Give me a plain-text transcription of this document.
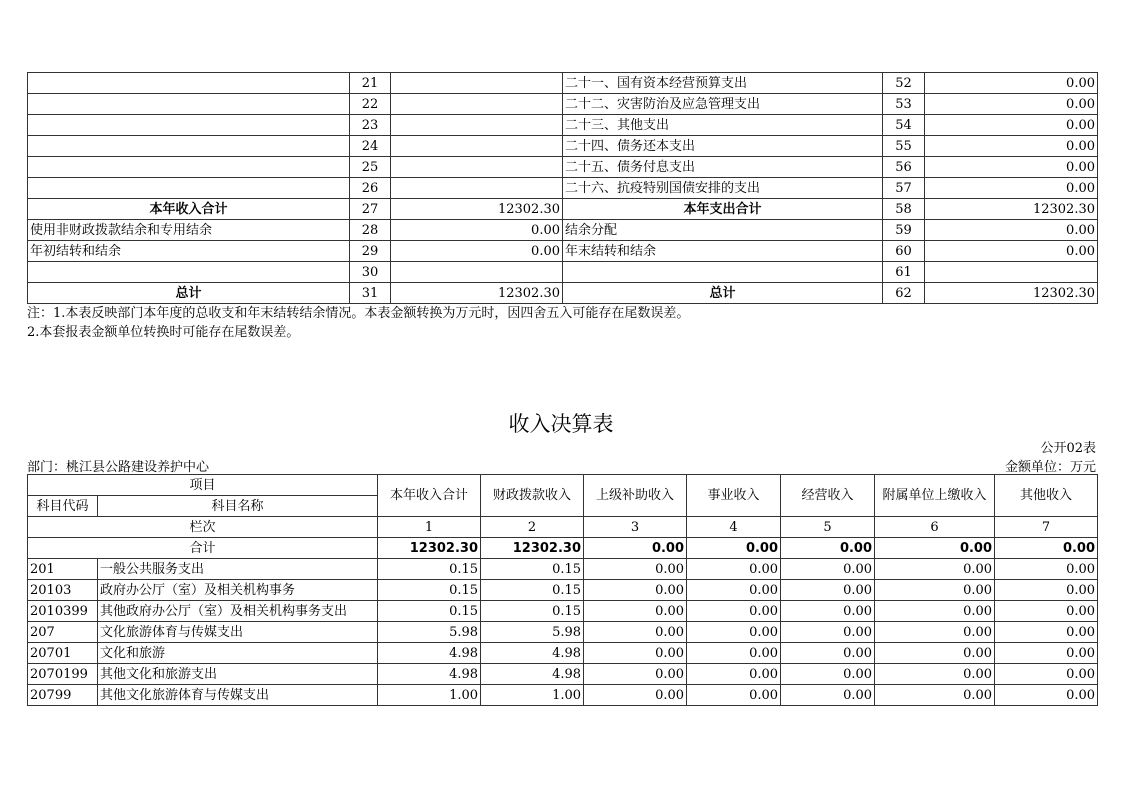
	21		二十一、国有资本经营预算支出	52	0.00
	22		二十二、灾害防治及应急管理支出	53	0.00
	23		二十三、其他支出	54	0.00
	24		二十四、债务还本支出	55	0.00
	25		二十五、债务付息支出	56	0.00
	26		二十六、抗疫特别国债安排的支出	57	0.00
本年收入合计	27	12302.30	本年支出合计	58	12302.30
使用非财政拨款结余和专用结余	28	0.00	结余分配	59	0.00
年初结转和结余	29	0.00	年末结转和结余	60	0.00
	30			61	
总计	31	12302.30	总计	62	12302.30
注：1.本表反映部门本年度的总收支和年末结转结余情况。本表金额转换为万元时，因四舍五入可能存在尾数误差。
2.本套报表金额单位转换时可能存在尾数误差。
收入决算表
公开02表
部门：桃江县公路建设养护中心	金额单位：万元
项目		本年收入合计	财政拨款收入	上级补助收入	事业收入	经营收入	附属单位上缴收入	其他收入
科目代码	科目名称							
栏次		1	2	3	4	5	6	7
合计		12302.30	12302.30	0.00	0.00	0.00	0.00	0.00
201	一般公共服务支出	0.15	0.15	0.00	0.00	0.00	0.00	0.00
20103	政府办公厅（室）及相关机构事务	0.15	0.15	0.00	0.00	0.00	0.00	0.00
2010399	其他政府办公厅（室）及相关机构事务支出	0.15	0.15	0.00	0.00	0.00	0.00	0.00
207	文化旅游体育与传媒支出	5.98	5.98	0.00	0.00	0.00	0.00	0.00
20701	文化和旅游	4.98	4.98	0.00	0.00	0.00	0.00	0.00
2070199	其他文化和旅游支出	4.98	4.98	0.00	0.00	0.00	0.00	0.00
20799	其他文化旅游体育与传媒支出	1.00	1.00	0.00	0.00	0.00	0.00	0.00
